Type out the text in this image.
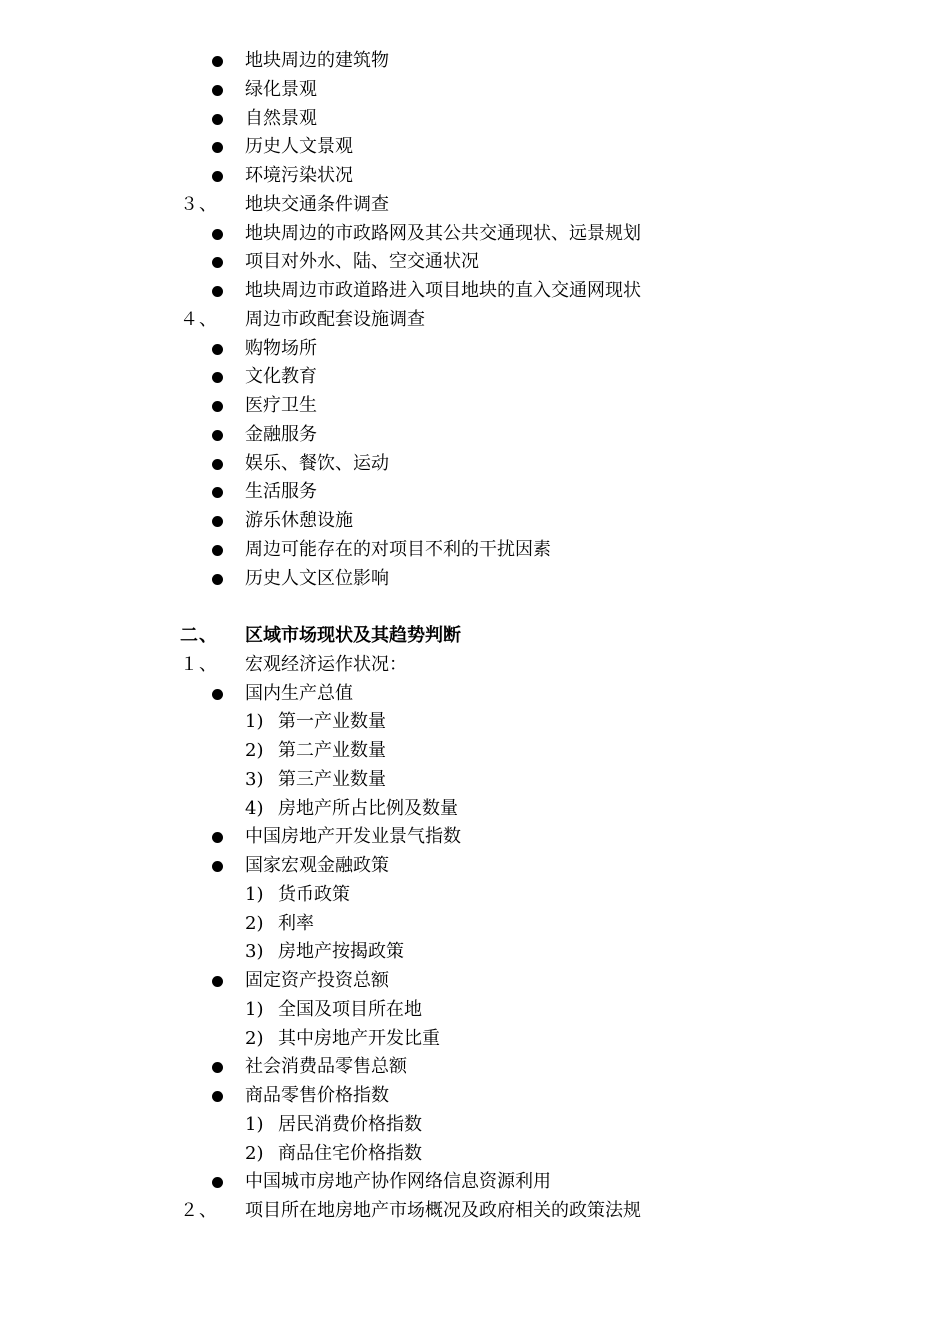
地块周边的建筑物
绿化景观
自然景观
历史人文景观
环境污染状况
３、 地块交通条件调查
地块周边的市政路网及其公共交通现状、远景规划
项目对外水、陆、空交通状况
地块周边市政道路进入项目地块的直入交通网现状
４、 周边市政配套设施调查
购物场所
文化教育
医疗卫生
金融服务
娱乐、餐饮、运动
生活服务
游乐休憩设施
周边可能存在的对项目不利的干扰因素
历史人文区位影响
二、 区域市场现状及其趋势判断
１、 宏观经济运作状况：
国内生产总值
1) 第一产业数量
2) 第二产业数量
3) 第三产业数量
4) 房地产所占比例及数量
中国房地产开发业景气指数
国家宏观金融政策
1) 货币政策
2) 利率
3) 房地产按揭政策
固定资产投资总额
1) 全国及项目所在地
2) 其中房地产开发比重
社会消费品零售总额
商品零售价格指数
1) 居民消费价格指数
2) 商品住宅价格指数
中国城市房地产协作网络信息资源利用
２、 项目所在地房地产市场概况及政府相关的政策法规
